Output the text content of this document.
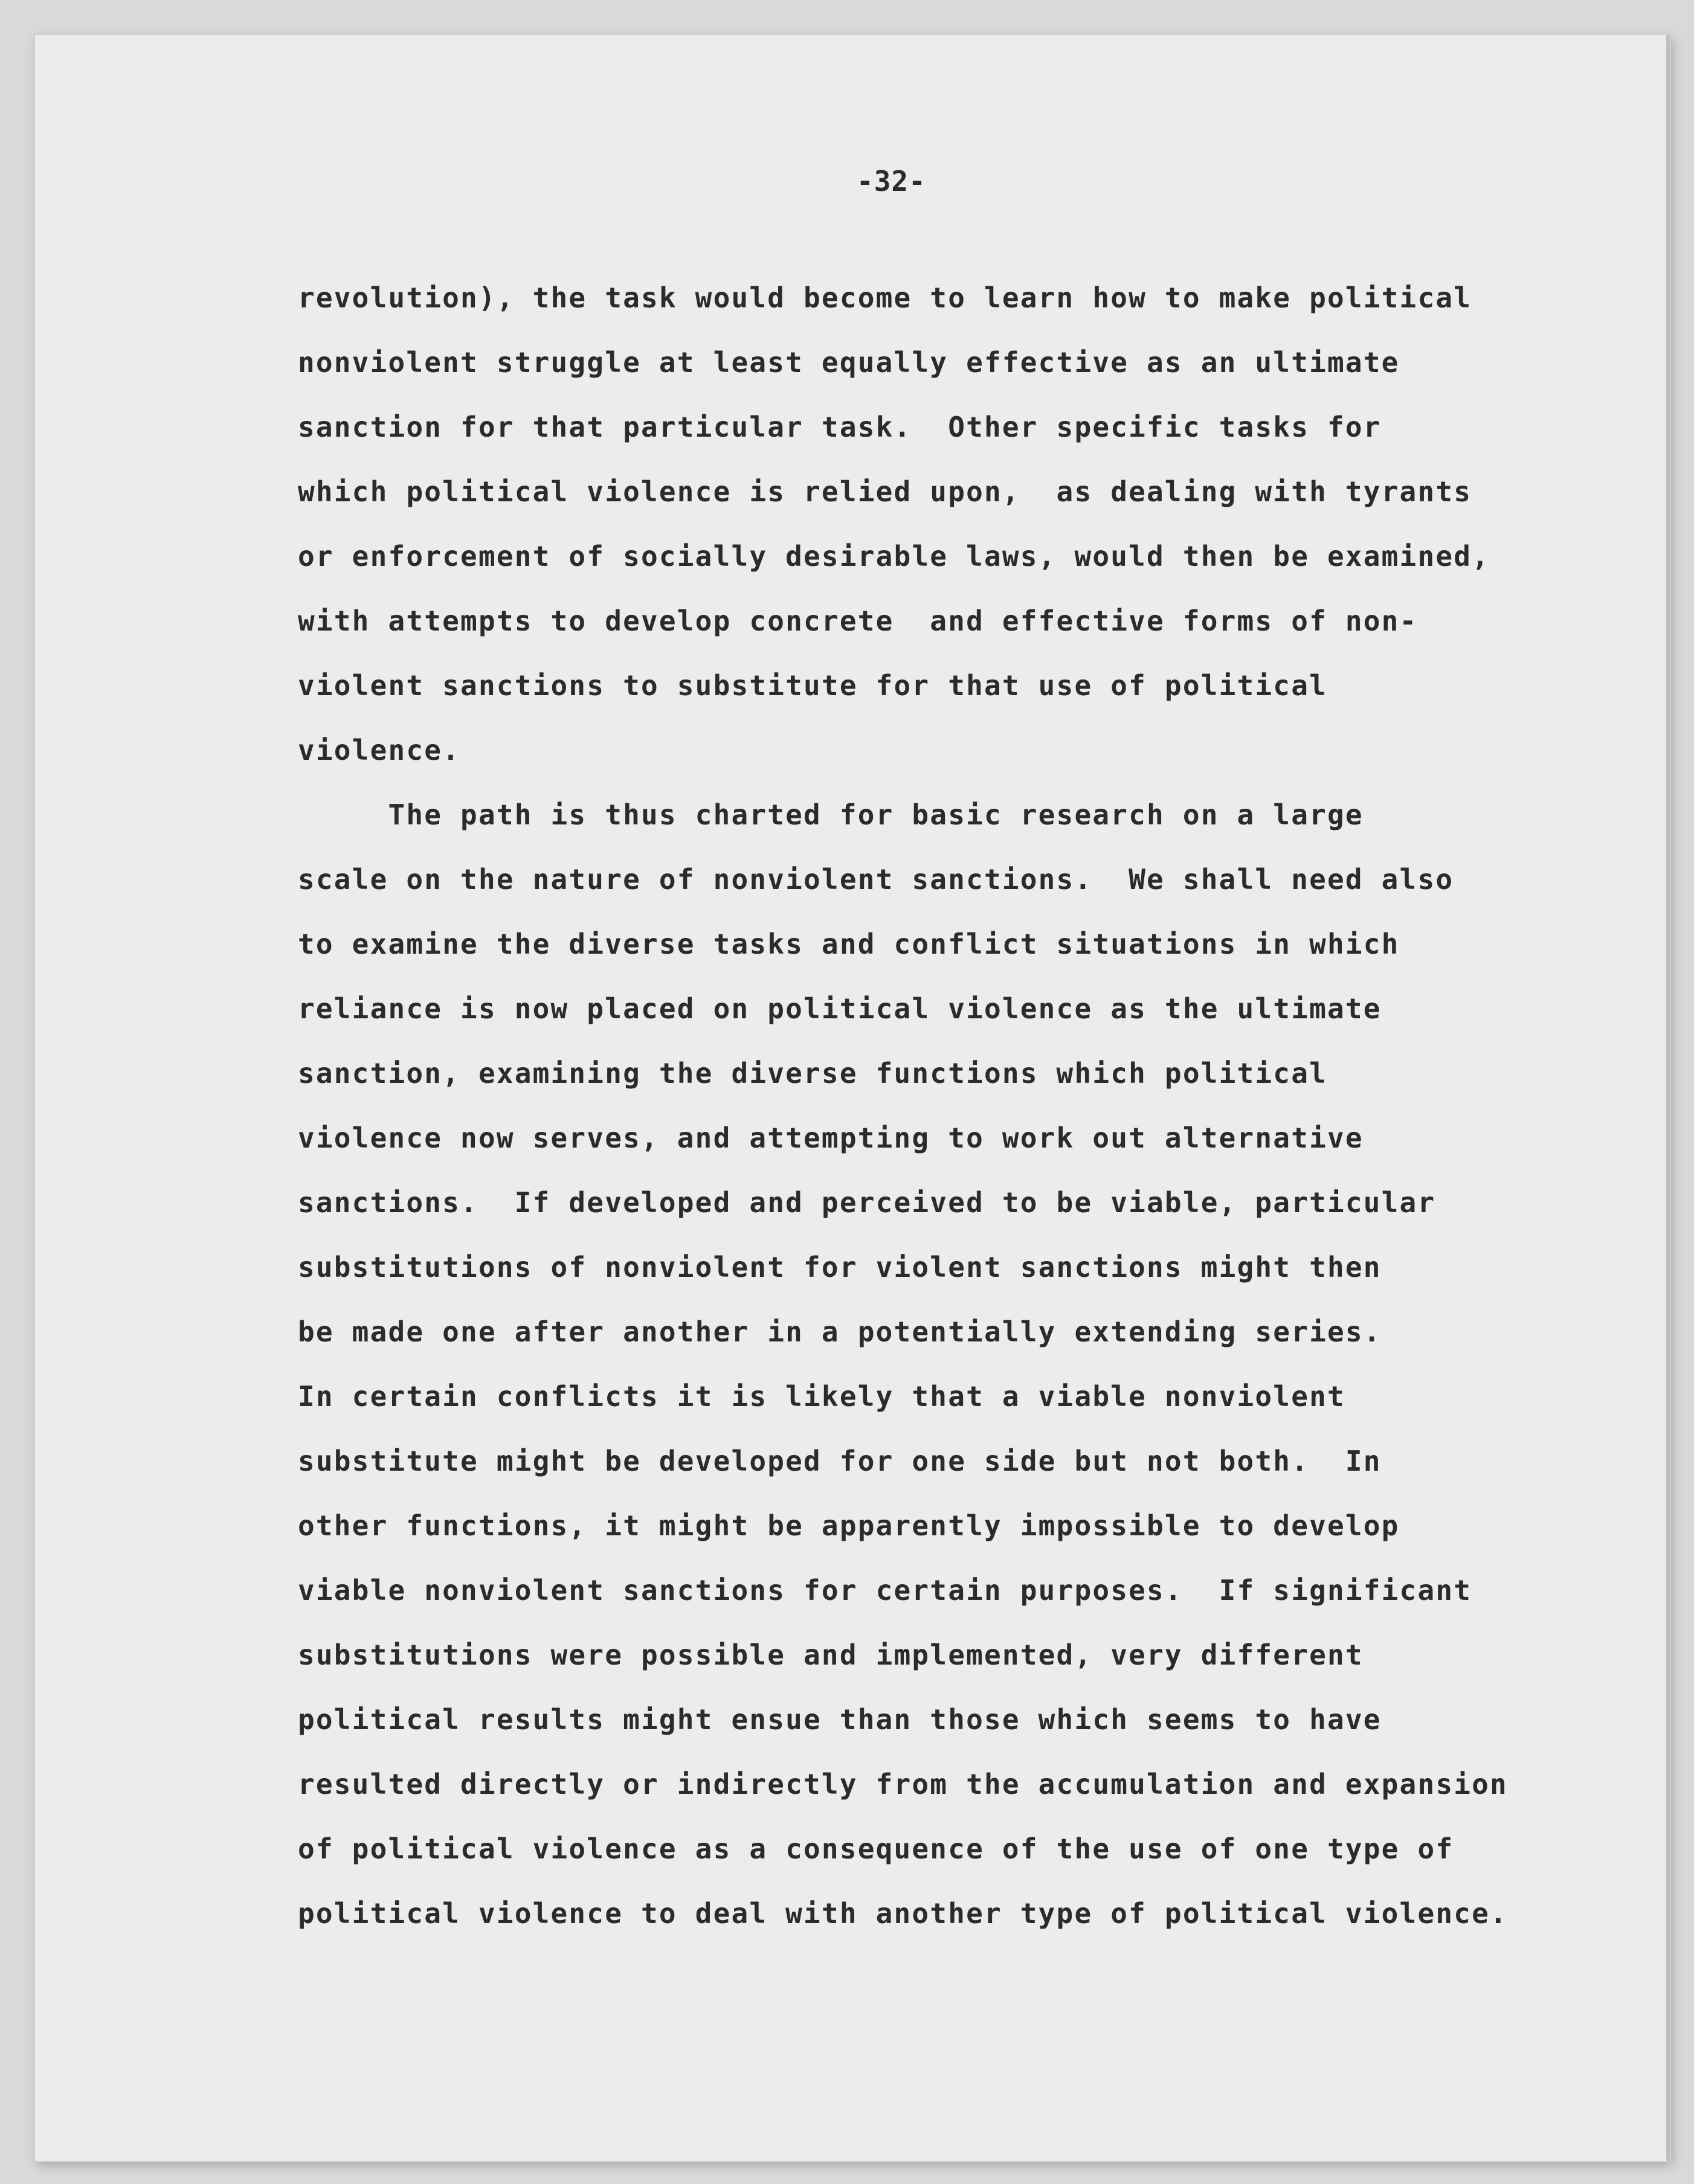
-32-
revolution), the task would become to learn how to make political
nonviolent struggle at least equally effective as an ultimate
sanction for that particular task.  Other specific tasks for
which political violence is relied upon,  as dealing with tyrants
or enforcement of socially desirable laws, would then be examined,
with attempts to develop concrete  and effective forms of non-
violent sanctions to substitute for that use of political
violence.
The path is thus charted for basic research on a large
scale on the nature of nonviolent sanctions.  We shall need also
to examine the diverse tasks and conflict situations in which
reliance is now placed on political violence as the ultimate
sanction, examining the diverse functions which political
violence now serves, and attempting to work out alternative
sanctions.  If developed and perceived to be viable, particular
substitutions of nonviolent for violent sanctions might then
be made one after another in a potentially extending series.
In certain conflicts it is likely that a viable nonviolent
substitute might be developed for one side but not both.  In
other functions, it might be apparently impossible to develop
viable nonviolent sanctions for certain purposes.  If significant
substitutions were possible and implemented, very different
political results might ensue than those which seems to have
resulted directly or indirectly from the accumulation and expansion
of political violence as a consequence of the use of one type of
political violence to deal with another type of political violence.
